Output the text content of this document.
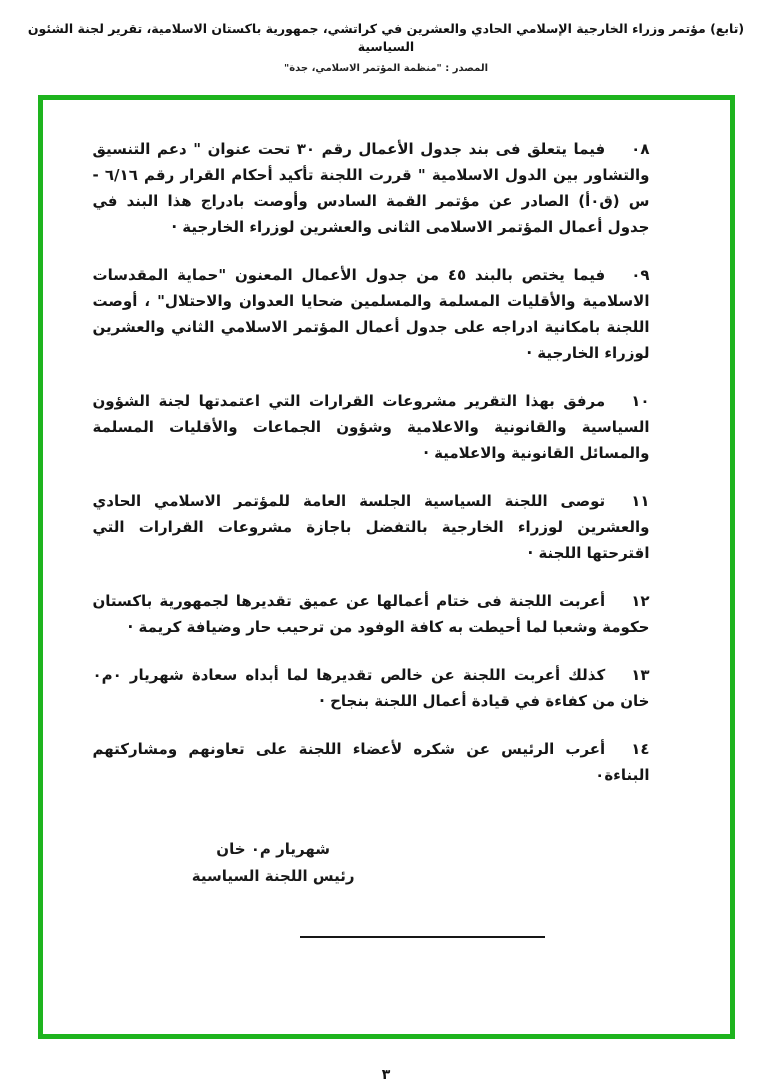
(تابع) مؤتمر وزراء الخارجية الإسلامي الحادي والعشرين في كراتشي، جمهورية باكستان الاسلامية، تقرير لجنة الشئون السياسية
المصدر : "منظمة المؤتمر الاسلامي، جدة"

٠٨فيما يتعلق فى بند جدول الأعمال رقم ٣٠ تحت عنوان " دعم التنسيق والتشاور بين الدول الاسلامية " قررت اللجنة تأكيد أحكام القرار رقم ٦/١٦ - س (ق٠أ) الصادر عن مؤتمر القمة السادس وأوصت بادراج هذا البند في جدول أعمال المؤتمر الاسلامى الثانى والعشرين لوزراء الخارجية ·

٠٩فيما يختص بالبند ٤٥ من جدول الأعمال المعنون "حماية المقدسات الاسلامية والأقليات المسلمة والمسلمين ضحايا العدوان والاحتلال" ، أوصت اللجنة بامكانية ادراجه على جدول أعمال المؤتمر الاسلامي الثاني والعشرين لوزراء الخارجية ·

١٠مرفق بهذا التقرير مشروعات القرارات التي اعتمدتها لجنة الشؤون السياسية والقانونية والاعلامية وشؤون الجماعات والأقليات المسلمة والمسائل القانونية والاعلامية ·

١١توصى اللجنة السياسية الجلسة العامة للمؤتمر الاسلامي الحادي والعشرين لوزراء الخارجية بالتفضل باجازة مشروعات القرارات التي اقترحتها اللجنة ·

١٢أعربت اللجنة فى ختام أعمالها عن عميق تقديرها لجمهورية باكستان حكومة وشعبا لما أحيطت به كافة الوفود من ترحيب حار وضيافة كريمة ·

١٣كذلك أعربت اللجنة عن خالص تقديرها لما أبداه سعادة شهريار ٠م٠ خان من كفاءة في قيادة أعمال اللجنة بنجاح ·

١٤أعرب الرئيس عن شكره لأعضاء اللجنة على تعاونهم ومشاركتهم البناءة٠

شهريار م٠ خان
رئيس اللجنة السياسية
٣
